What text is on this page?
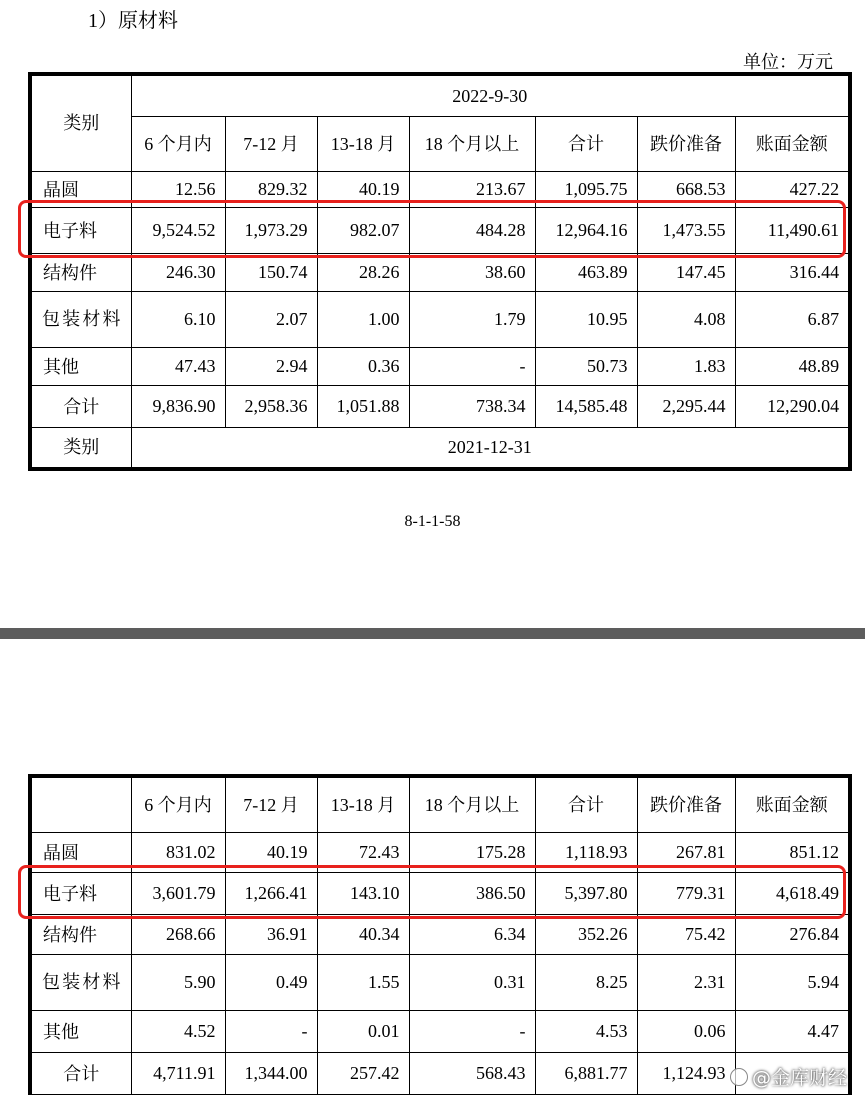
1）原材料
单位：万元
类别	2022-9-30						
	6 个月内	7-12 月	13-18 月	18 个月以上	合计	跌价准备	账面金额
晶圆	12.56	829.32	40.19	213.67	1,095.75	668.53	427.22
电子料	9,524.52	1,973.29	982.07	484.28	12,964.16	1,473.55	11,490.61
结构件	246.30	150.74	28.26	38.60	463.89	147.45	316.44
包装材料	6.10	2.07	1.00	1.79	10.95	4.08	6.87
其他	47.43	2.94	0.36	-	50.73	1.83	48.89
合计	9,836.90	2,958.36	1,051.88	738.34	14,585.48	2,295.44	12,290.04
类别	2021-12-31						
8-1-1-58
	6 个月内	7-12 月	13-18 月	18 个月以上	合计	跌价准备	账面金额
晶圆	831.02	40.19	72.43	175.28	1,118.93	267.81	851.12
电子料	3,601.79	1,266.41	143.10	386.50	5,397.80	779.31	4,618.49
结构件	268.66	36.91	40.34	6.34	352.26	75.42	276.84
包装材料	5.90	0.49	1.55	0.31	8.25	2.31	5.94
其他	4.52	-	0.01	-	4.53	0.06	4.47
合计	4,711.91	1,344.00	257.42	568.43	6,881.77	1,124.93	@金库财经
